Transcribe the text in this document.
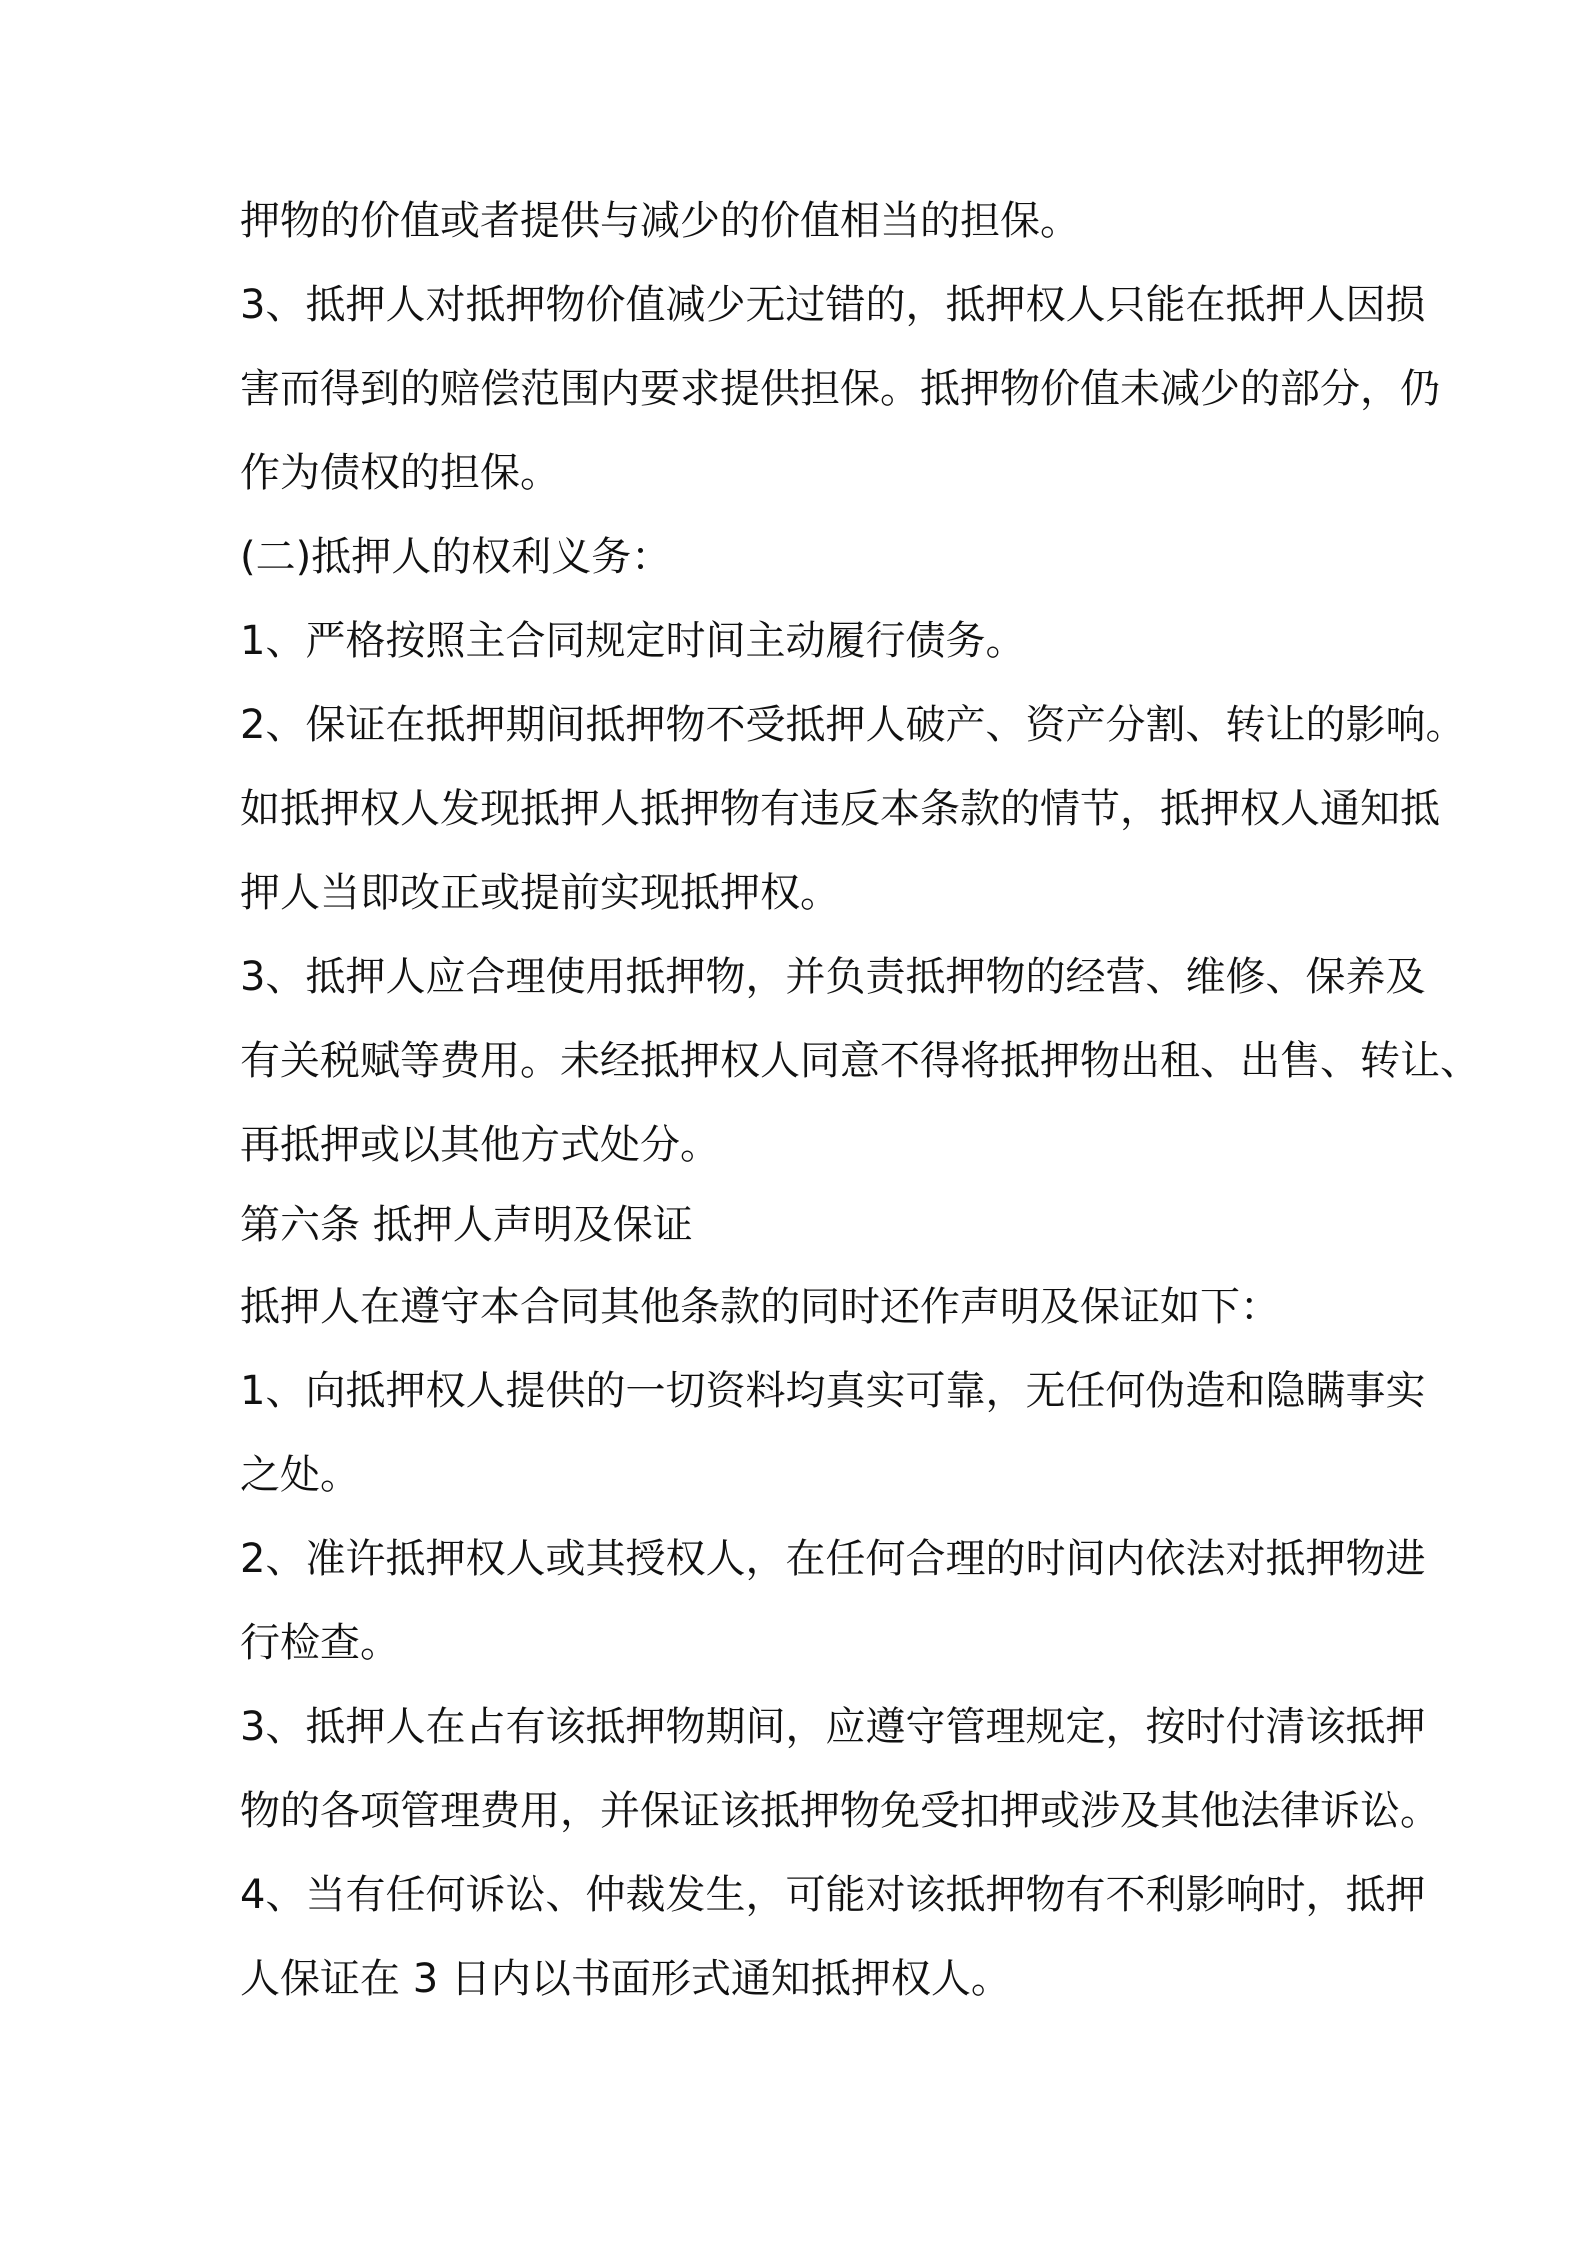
押物的价值或者提供与减少的价值相当的担保。
3、抵押人对抵押物价值减少无过错的，抵押权人只能在抵押人因损
害而得到的赔偿范围内要求提供担保。抵押物价值未减少的部分，仍
作为债权的担保。
(二)抵押人的权利义务：
1、严格按照主合同规定时间主动履行债务。
2、保证在抵押期间抵押物不受抵押人破产、资产分割、转让的影响。
如抵押权人发现抵押人抵押物有违反本条款的情节，抵押权人通知抵
押人当即改正或提前实现抵押权。
3、抵押人应合理使用抵押物，并负责抵押物的经营、维修、保养及
有关税赋等费用。未经抵押权人同意不得将抵押物出租、出售、转让、
再抵押或以其他方式处分。
第六条 抵押人声明及保证
抵押人在遵守本合同其他条款的同时还作声明及保证如下：
1、向抵押权人提供的一切资料均真实可靠，无任何伪造和隐瞒事实
之处。
2、准许抵押权人或其授权人，在任何合理的时间内依法对抵押物进
行检查。
3、抵押人在占有该抵押物期间，应遵守管理规定，按时付清该抵押
物的各项管理费用，并保证该抵押物免受扣押或涉及其他法律诉讼。
4、当有任何诉讼、仲裁发生，可能对该抵押物有不利影响时，抵押
人保证在 3 日内以书面形式通知抵押权人。
